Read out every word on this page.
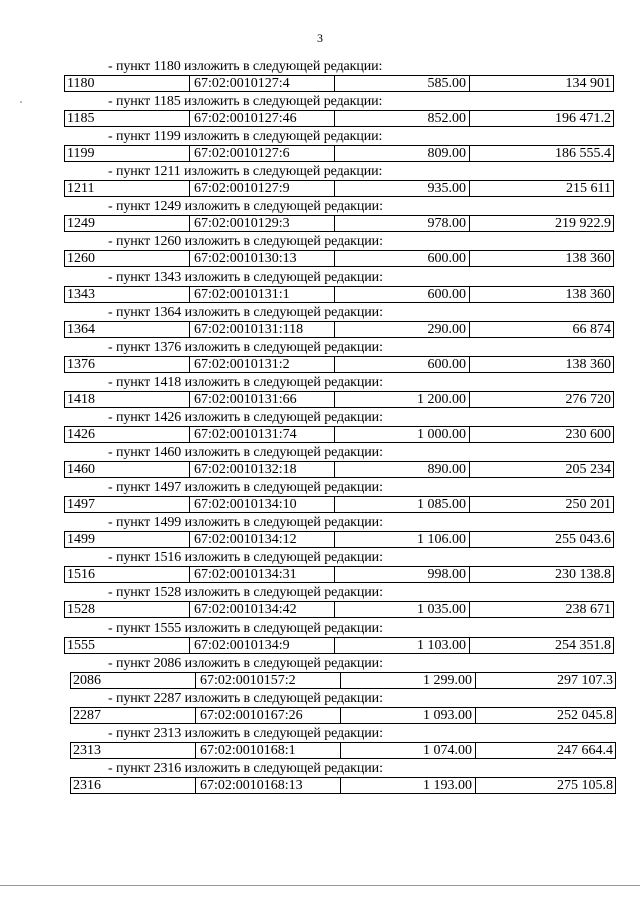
3
- пункт 1180 изложить в следующей редакции:
1180	67:02:0010127:4	585.00	134 901
- пункт 1185 изложить в следующей редакции:
1185	67:02:0010127:46	852.00	196 471.2
- пункт 1199 изложить в следующей редакции:
1199	67:02:0010127:6	809.00	186 555.4
- пункт 1211 изложить в следующей редакции:
1211	67:02:0010127:9	935.00	215 611
- пункт 1249 изложить в следующей редакции:
1249	67:02:0010129:3	978.00	219 922.9
- пункт 1260 изложить в следующей редакции:
1260	67:02:0010130:13	600.00	138 360
- пункт 1343 изложить в следующей редакции:
1343	67:02:0010131:1	600.00	138 360
- пункт 1364 изложить в следующей редакции:
1364	67:02:0010131:118	290.00	66 874
- пункт 1376 изложить в следующей редакции:
1376	67:02:0010131:2	600.00	138 360
- пункт 1418 изложить в следующей редакции:
1418	67:02:0010131:66	1 200.00	276 720
- пункт 1426 изложить в следующей редакции:
1426	67:02:0010131:74	1 000.00	230 600
- пункт 1460 изложить в следующей редакции:
1460	67:02:0010132:18	890.00	205 234
- пункт 1497 изложить в следующей редакции:
1497	67:02:0010134:10	1 085.00	250 201
- пункт 1499 изложить в следующей редакции:
1499	67:02:0010134:12	1 106.00	255 043.6
- пункт 1516 изложить в следующей редакции:
1516	67:02:0010134:31	998.00	230 138.8
- пункт 1528 изложить в следующей редакции:
1528	67:02:0010134:42	1 035.00	238 671
- пункт 1555 изложить в следующей редакции:
1555	67:02:0010134:9	1 103.00	254 351.8
- пункт 2086 изложить в следующей редакции:
2086	67:02:0010157:2	1 299.00	297 107.3
- пункт 2287 изложить в следующей редакции:
2287	67:02:0010167:26	1 093.00	252 045.8
- пункт 2313 изложить в следующей редакции:
2313	67:02:0010168:1	1 074.00	247 664.4
- пункт 2316 изложить в следующей редакции:
2316	67:02:0010168:13	1 193.00	275 105.8
